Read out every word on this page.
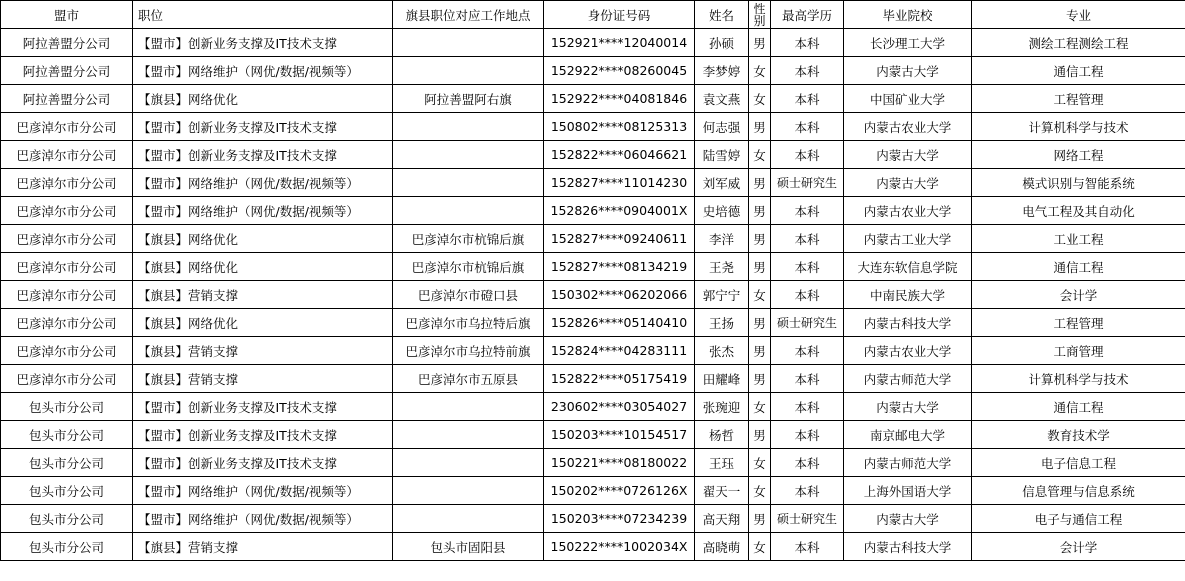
盟市	职位	旗县职位对应工作地点	身份证号码	姓名	性别	最高学历	毕业院校	专业
阿拉善盟分公司	【盟市】创新业务支撑及IT技术支撑		152921****12040014	孙硕	男	本科	长沙理工大学	测绘工程测绘工程
阿拉善盟分公司	【盟市】网络维护（网优/数据/视频等）		152922****08260045	李梦婷	女	本科	内蒙古大学	通信工程
阿拉善盟分公司	【旗县】网络优化	阿拉善盟阿右旗	152922****04081846	袁文燕	女	本科	中国矿业大学	工程管理
巴彦淖尔市分公司	【盟市】创新业务支撑及IT技术支撑		150802****08125313	何志强	男	本科	内蒙古农业大学	计算机科学与技术
巴彦淖尔市分公司	【盟市】创新业务支撑及IT技术支撑		152822****06046621	陆雪婷	女	本科	内蒙古大学	网络工程
巴彦淖尔市分公司	【盟市】网络维护（网优/数据/视频等）		152827****11014230	刘军威	男	硕士研究生	内蒙古大学	模式识别与智能系统
巴彦淖尔市分公司	【盟市】网络维护（网优/数据/视频等）		152826****0904001X	史培德	男	本科	内蒙古农业大学	电气工程及其自动化
巴彦淖尔市分公司	【旗县】网络优化	巴彦淖尔市杭锦后旗	152827****09240611	李洋	男	本科	内蒙古工业大学	工业工程
巴彦淖尔市分公司	【旗县】网络优化	巴彦淖尔市杭锦后旗	152827****08134219	王尧	男	本科	大连东软信息学院	通信工程
巴彦淖尔市分公司	【旗县】营销支撑	巴彦淖尔市磴口县	150302****06202066	郭宁宁	女	本科	中南民族大学	会计学
巴彦淖尔市分公司	【旗县】网络优化	巴彦淖尔市乌拉特后旗	152826****05140410	王扬	男	硕士研究生	内蒙古科技大学	工程管理
巴彦淖尔市分公司	【旗县】营销支撑	巴彦淖尔市乌拉特前旗	152824****04283111	张杰	男	本科	内蒙古农业大学	工商管理
巴彦淖尔市分公司	【旗县】营销支撑	巴彦淖尔市五原县	152822****05175419	田耀峰	男	本科	内蒙古师范大学	计算机科学与技术
包头市分公司	【盟市】创新业务支撑及IT技术支撑		230602****03054027	张琬迎	女	本科	内蒙古大学	通信工程
包头市分公司	【盟市】创新业务支撑及IT技术支撑		150203****10154517	杨哲	男	本科	南京邮电大学	教育技术学
包头市分公司	【盟市】创新业务支撑及IT技术支撑		150221****08180022	王珏	女	本科	内蒙古师范大学	电子信息工程
包头市分公司	【盟市】网络维护（网优/数据/视频等）		150202****0726126X	翟天一	女	本科	上海外国语大学	信息管理与信息系统
包头市分公司	【盟市】网络维护（网优/数据/视频等）		150203****07234239	高天翔	男	硕士研究生	内蒙古大学	电子与通信工程
包头市分公司	【旗县】营销支撑	包头市固阳县	150222****1002034X	高晓萌	女	本科	内蒙古科技大学	会计学
